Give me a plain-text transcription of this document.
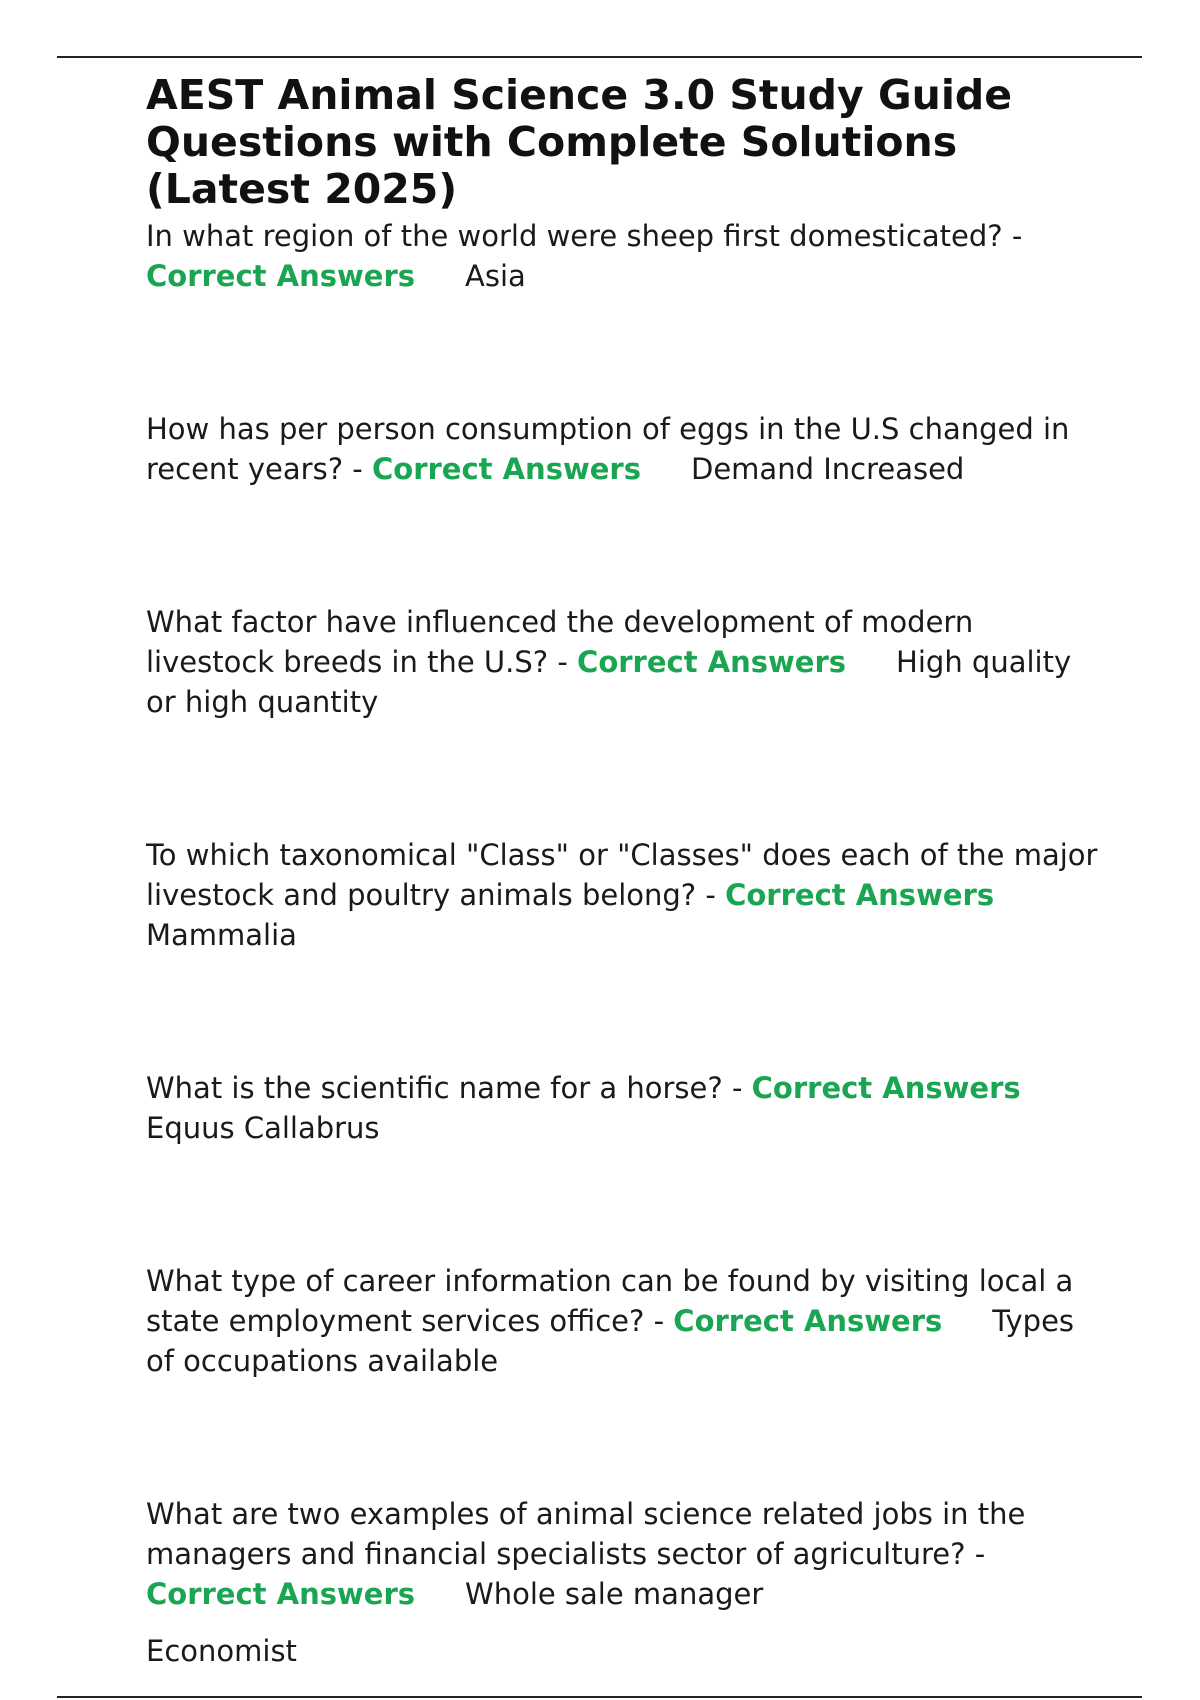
AEST Animal Science 3.0 Study Guide Questions with Complete Solutions (Latest 2025)

In what region of the world were sheep first domesticated? - Correct Answers Asia

How has per person consumption of eggs in the U.S changed in recent years? - Correct Answers Demand Increased

What factor have influenced the development of modern livestock breeds in the U.S? - Correct Answers High quality or high quantity

To which taxonomical "Class" or "Classes" does each of the major livestock and poultry animals belong? - Correct AnswersMammalia

What is the scientific name for a horse? - Correct AnswersEquus Callabrus

What type of career information can be found by visiting local a state employment services office? - Correct Answers Types of occupations available

What are two examples of animal science related jobs in the managers and financial specialists sector of agriculture? - Correct Answers Whole sale manager

Economist
